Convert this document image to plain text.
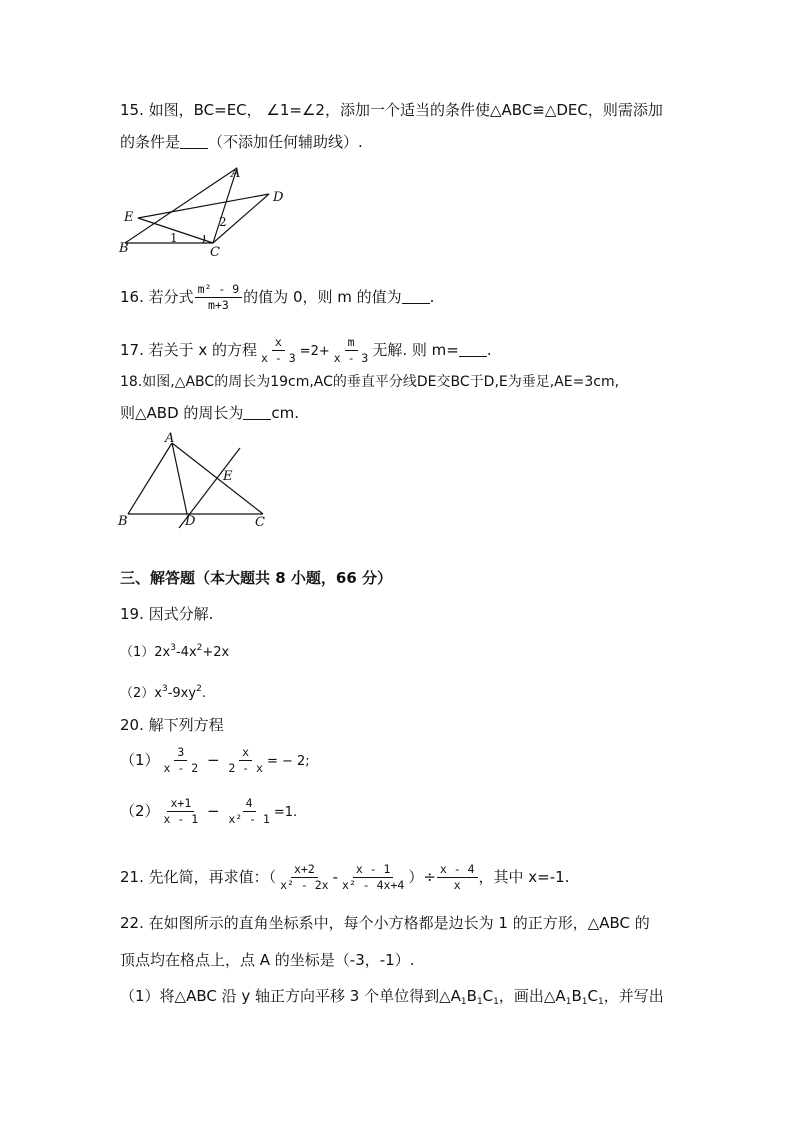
15. 如图，BC=EC， ∠1=∠2，添加一个适当的条件使△ABC≌△DEC，则需添加
的条件是 （不添加任何辅助线）.
A
B	C
D
E
1
2
16. 若分式 $\frac{\text{m² - 9}}{m+3}$ 的值为 0，则 m 的值为 .
17. 若关于 x 的方程 $\frac{x}{x - 3} =2+ \frac{m}{x - 3}$ 无解. 则 m= .
18.如图,△ABC的周长为19cm,AC的垂直平分线DE交BC于D,E为垂足,AE=3cm,
则△ABD 的周长为 cm.
A
B	C
D
E
三、解答题（本大题共 8 小题，66 分）
19. 因式分解.
$(1)2x^3-4x^2+2x$
$(2)x^3-9xy^2$.
20. 解下列方程
$(1) \frac{3}{x - 2} - \frac{x}{2 - x}$ = − 2;
$(2) \frac{x+1}{x - 1} - \frac{4}{\text{x² - 1}} =1$.
21. 先化简，再求值：（ $\frac{x+2}{\text{x² - 2x}} - \frac{x - 1}{\text{x² - 4x+4}}$ ）÷ $\frac{x - 4}{x}$ ，其中 x=-1.
22. 在如图所示的直角坐标系中，每个小方格都是边长为 1 的正方形，△ABC 的
顶点均在格点上，点 A 的坐标是（-3，-1）.
（1）将△ABC 沿 y 轴正方向平移 3 个单位得到$\triangle A_1B_1C_1$，画出$\triangle A_1B_1C_1$，并写出
